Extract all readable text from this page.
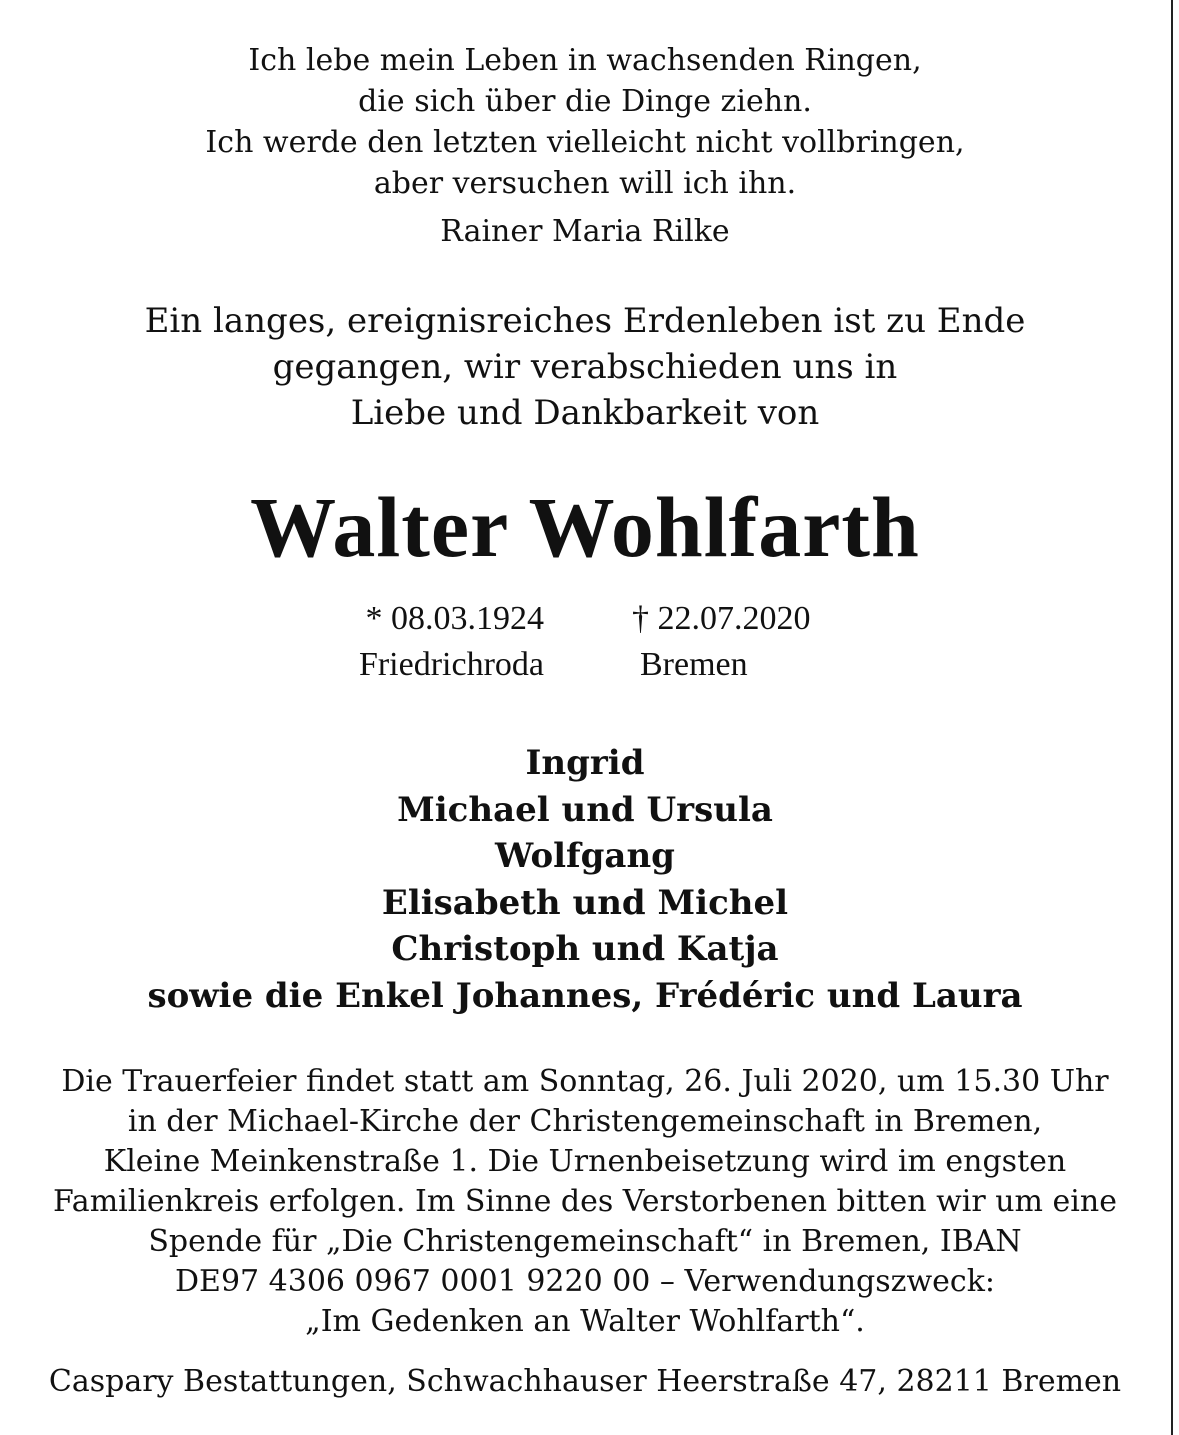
Ich lebe mein Leben in wachsenden Ringen,
die sich über die Dinge ziehn.
Ich werde den letzten vielleicht nicht vollbringen,
aber versuchen will ich ihn.
Rainer Maria Rilke
Ein langes, ereignisreiches Erdenleben ist zu Ende
gegangen, wir verabschieden uns in
Liebe und Dankbarkeit von
Walter Wohlfarth
* 08.03.1924
Friedrichroda
† 22.07.2020
Bremen
Ingrid
Michael und Ursula
Wolfgang
Elisabeth und Michel
Christoph und Katja
sowie die Enkel Johannes, Frédéric und Laura
Die Trauerfeier findet statt am Sonntag, 26. Juli 2020, um 15.30 Uhr
in der Michael-Kirche der Christengemeinschaft in Bremen,
Kleine Meinkenstraße 1. Die Urnenbeisetzung wird im engsten
Familienkreis erfolgen. Im Sinne des Verstorbenen bitten wir um eine
Spende für „Die Christengemeinschaft“ in Bremen, IBAN
DE97 4306 0967 0001 9220 00 – Verwendungszweck:
„Im Gedenken an Walter Wohlfarth“.
Caspary Bestattungen, Schwachhauser Heerstraße 47, 28211 Bremen
